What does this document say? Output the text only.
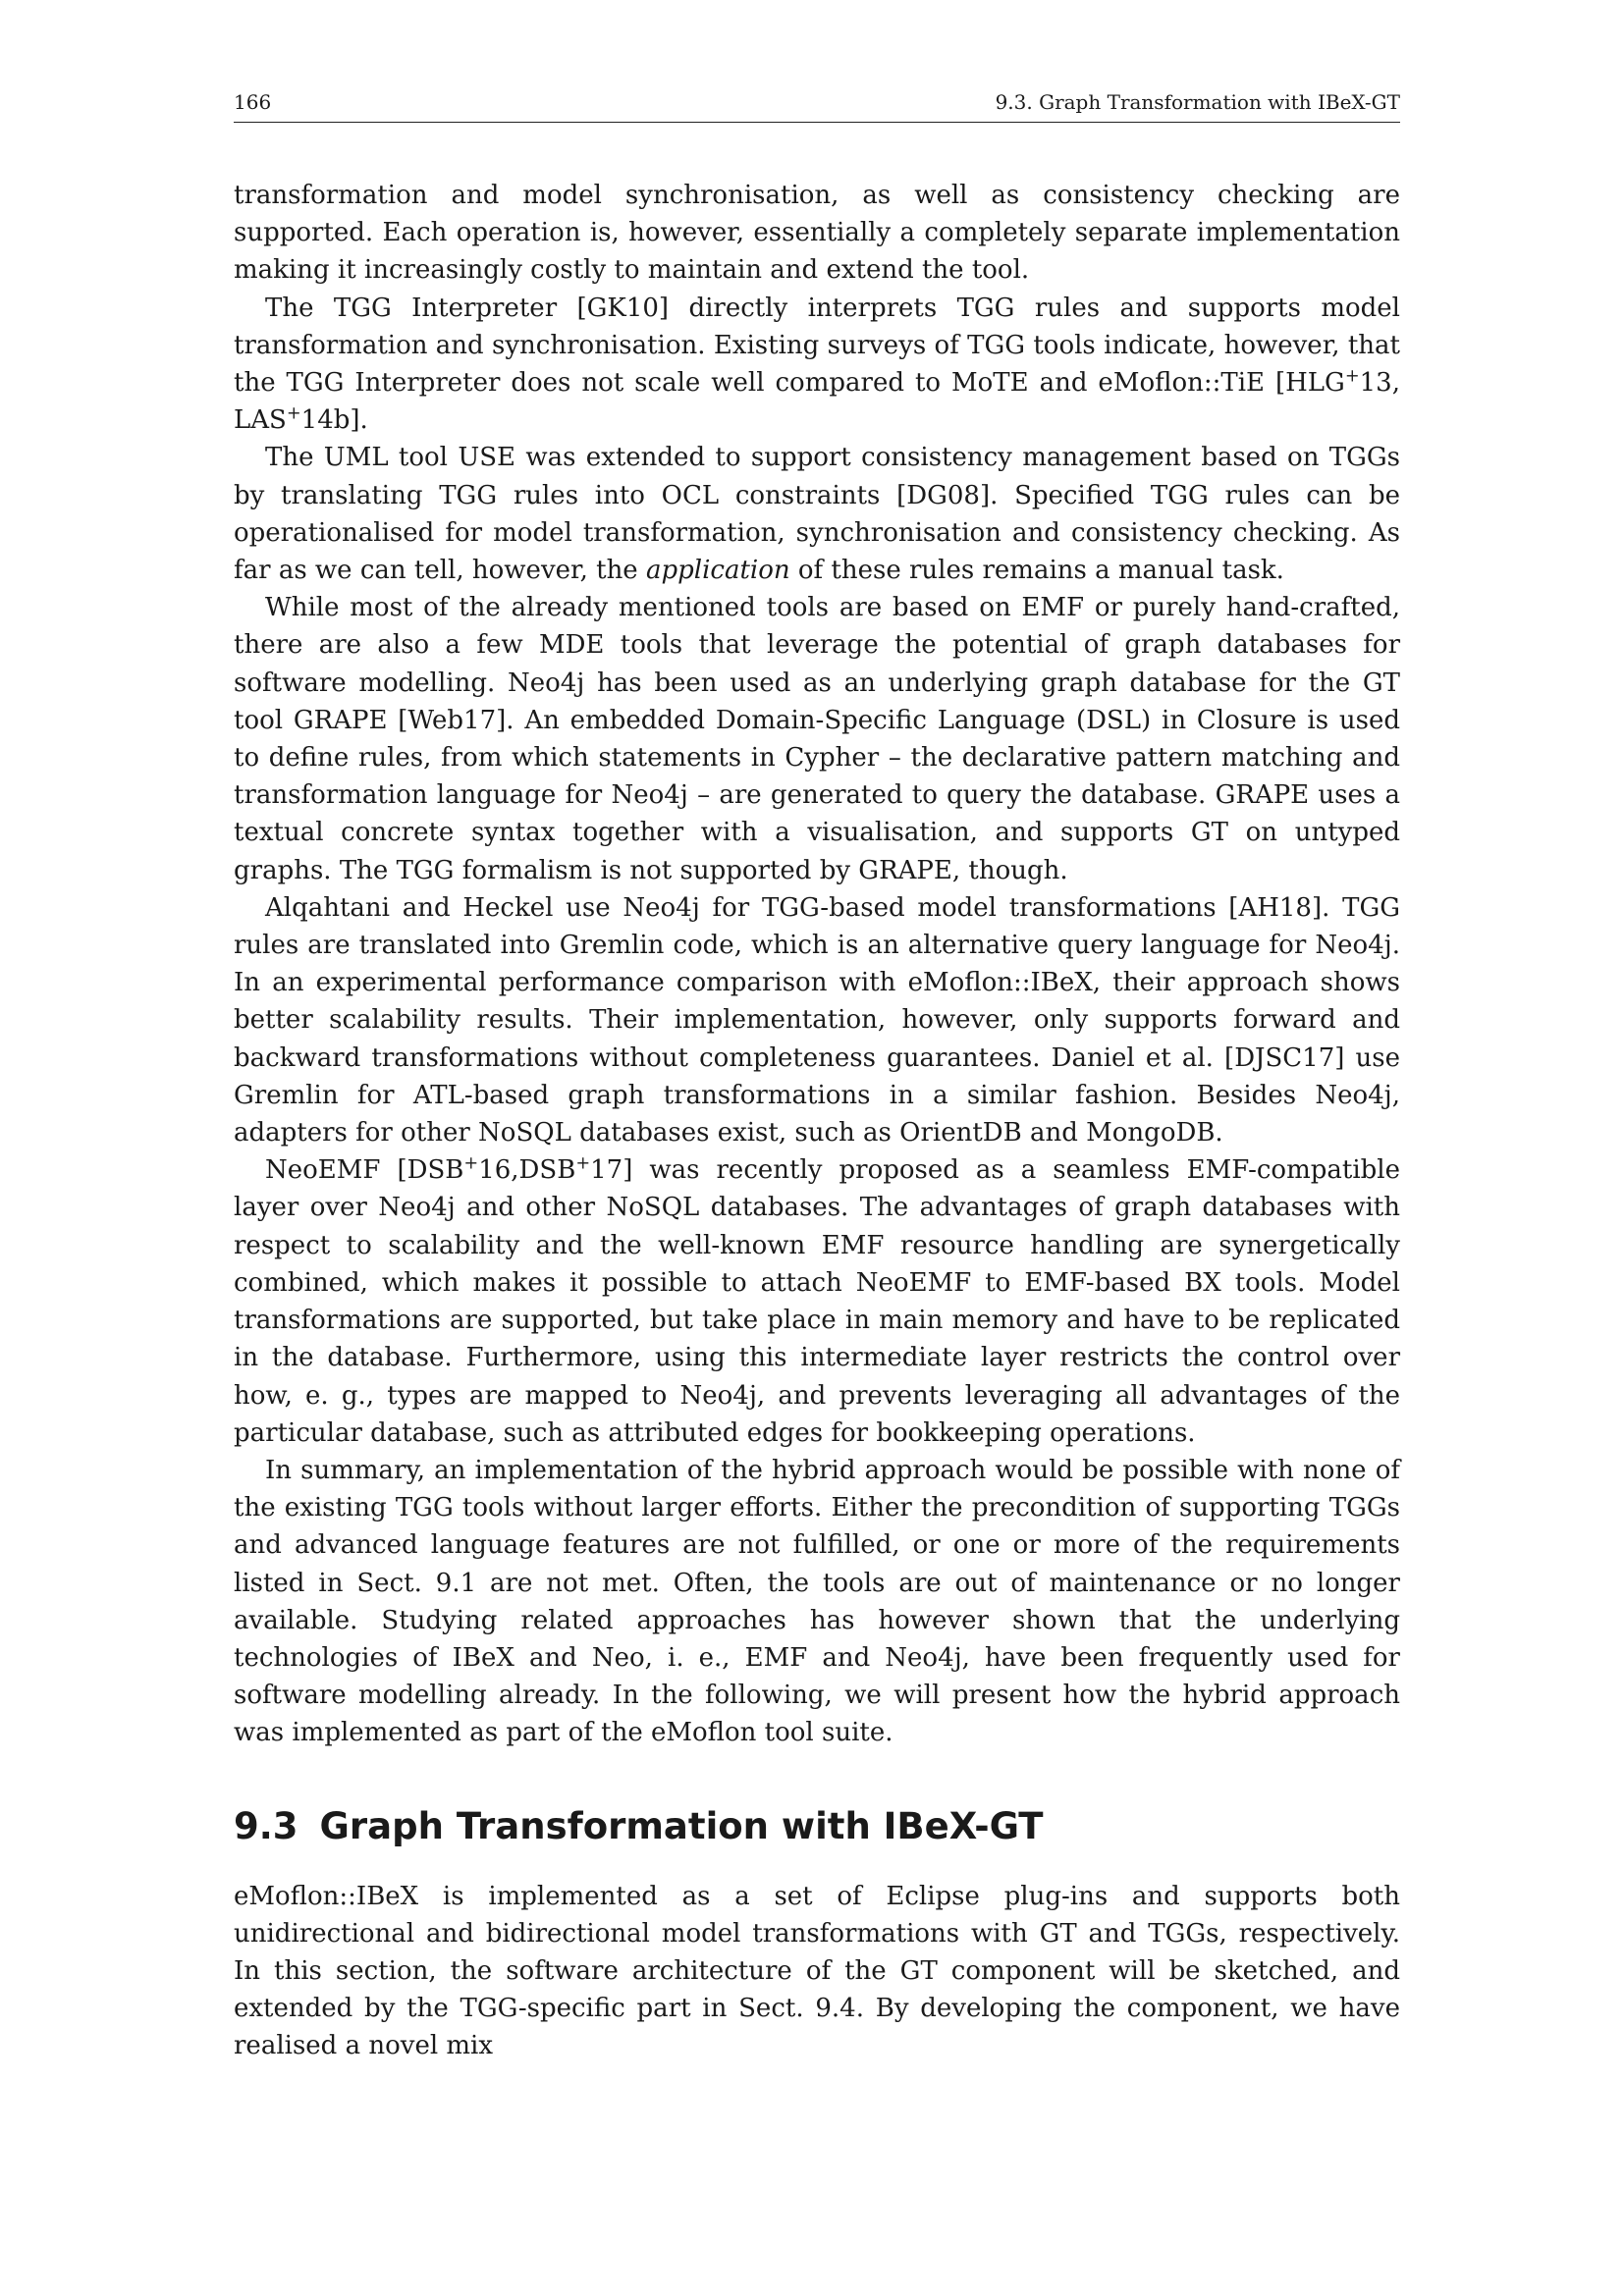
166	9.3. Graph Transformation with IBeX-GT

transformation and model synchronisation, as well as consistency checking are supported. Each operation is, however, essentially a completely separate implementation making it increasingly costly to maintain and extend the tool.

The TGG Interpreter [GK10] directly interprets TGG rules and supports model transformation and synchronisation. Existing surveys of TGG tools indicate, however, that the TGG Interpreter does not scale well compared to MoTE and eMoflon::TiE [HLG+13, LAS+14b].

The UML tool USE was extended to support consistency management based on TGGs by translating TGG rules into OCL constraints [DG08]. Specified TGG rules can be operationalised for model transformation, synchronisation and consistency checking. As far as we can tell, however, the application of these rules remains a manual task.

While most of the already mentioned tools are based on EMF or purely hand-crafted, there are also a few MDE tools that leverage the potential of graph databases for software modelling. Neo4j has been used as an underlying graph database for the GT tool GRAPE [Web17]. An embedded Domain-Specific Language (DSL) in Closure is used to define rules, from which statements in Cypher – the declarative pattern matching and transformation language for Neo4j – are generated to query the database. GRAPE uses a textual concrete syntax together with a visualisation, and supports GT on untyped graphs. The TGG formalism is not supported by GRAPE, though.

Alqahtani and Heckel use Neo4j for TGG-based model transformations [AH18]. TGG rules are translated into Gremlin code, which is an alternative query language for Neo4j. In an experimental performance comparison with eMoflon::IBeX, their approach shows better scalability results. Their implementation, however, only supports forward and backward transformations without completeness guarantees. Daniel et al. [DJSC17] use Gremlin for ATL-based graph transformations in a similar fashion. Besides Neo4j, adapters for other NoSQL databases exist, such as OrientDB and MongoDB.

NeoEMF [DSB+16,DSB+17] was recently proposed as a seamless EMF-compatible layer over Neo4j and other NoSQL databases. The advantages of graph databases with respect to scalability and the well-known EMF resource handling are synergetically combined, which makes it possible to attach NeoEMF to EMF-based BX tools. Model transformations are supported, but take place in main memory and have to be replicated in the database. Furthermore, using this intermediate layer restricts the control over how, e. g., types are mapped to Neo4j, and prevents leveraging all advantages of the particular database, such as attributed edges for bookkeeping operations.

In summary, an implementation of the hybrid approach would be possible with none of the existing TGG tools without larger efforts. Either the precondition of supporting TGGs and advanced language features are not fulfilled, or one or more of the requirements listed in Sect. 9.1 are not met. Often, the tools are out of maintenance or no longer available. Studying related approaches has however shown that the underlying technologies of IBeX and Neo, i. e., EMF and Neo4j, have been frequently used for software modelling already. In the following, we will present how the hybrid approach was implemented as part of the eMoflon tool suite.

9.3 Graph Transformation with IBeX-GT

eMoflon::IBeX is implemented as a set of Eclipse plug-ins and supports both unidirectional and bidirectional model transformations with GT and TGGs, respectively. In this section, the software architecture of the GT component will be sketched, and extended by the TGG-specific part in Sect. 9.4. By developing the component, we have realised a novel mix
